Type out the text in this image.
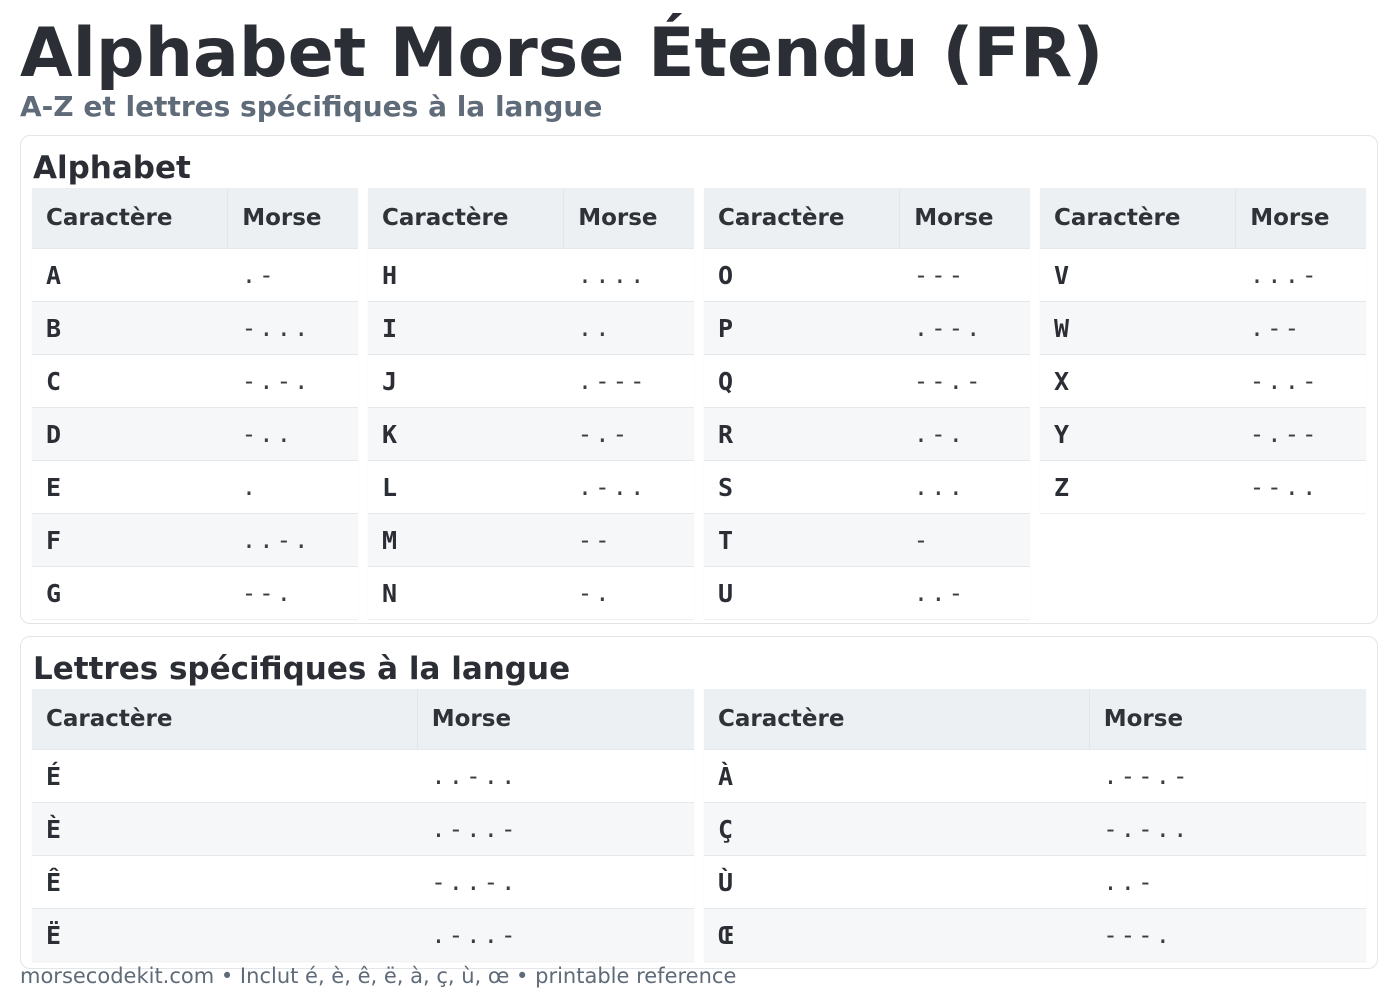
Alphabet Morse Étendu (FR)
A-Z et lettres spécifiques à la langue
Alphabet
Caractère	Morse
A	.-
B	-...
C	-.-.
D	-..
E	.
F	..-.
G	--.
Caractère	Morse
H	....
I	..
J	.---
K	-.-
L	.-..
M	--
N	-.
Caractère	Morse
O	---
P	.--.
Q	--.-
R	.-.
S	...
T	-
U	..-
Caractère	Morse
V	...-
W	.--
X	-..-
Y	-.--
Z	--..
Lettres spécifiques à la langue
Caractère	Morse
É	..-..
È	.-..-
Ê	-..-.
Ë	.-..-
Caractère	Morse
À	.--.-
Ç	-.-..
Ù	..-
Œ	---.
morsecodekit.com • Inclut é, è, ê, ë, à, ç, ù, œ • printable reference
